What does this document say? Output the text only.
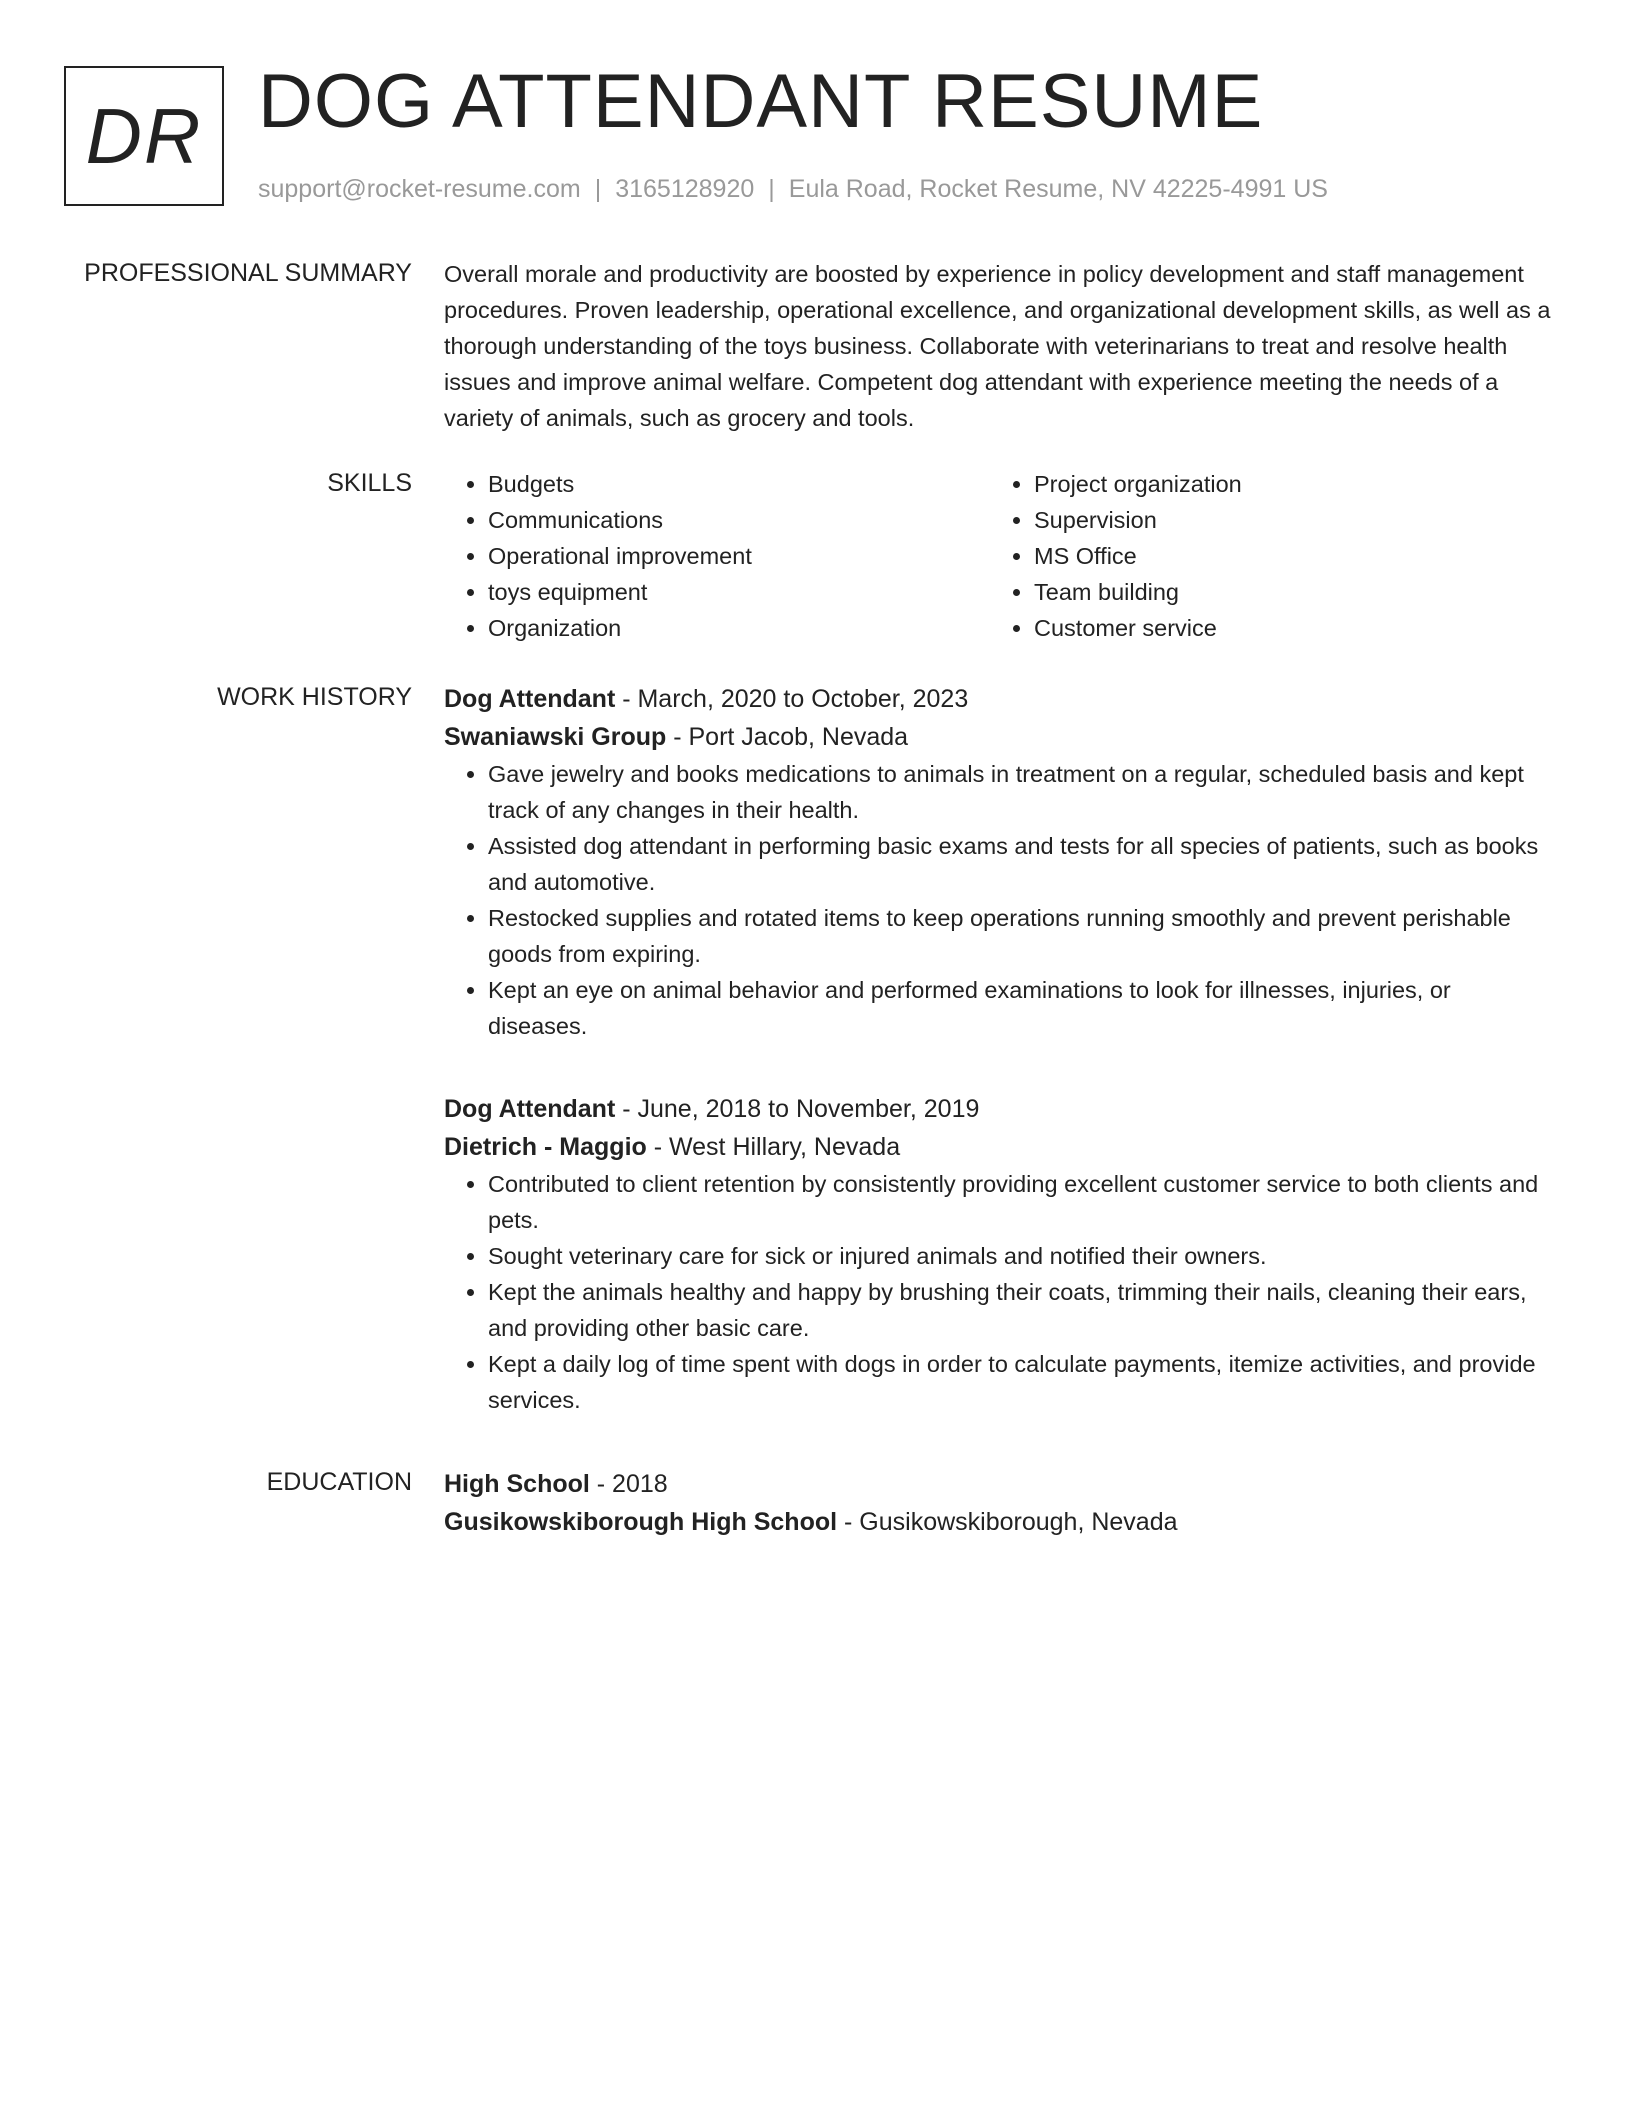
DR DOG ATTENDANT RESUME
support@rocket-resume.com | 3165128920 | Eula Road, Rocket Resume, NV 42225-4991 US
PROFESSIONAL SUMMARY Overall morale and productivity are boosted by experience in policy development and staff management procedures. Proven leadership, operational excellence, and organizational development skills, as well as a thorough understanding of the toys business. Collaborate with veterinarians to treat and resolve health issues and improve animal welfare. Competent dog attendant with experience meeting the needs of a variety of animals, such as grocery and tools.

SKILLS
•	Budgets
• Communications
• Operational improvement
• toys equipment
• Organization
• Project organization
• Supervision
• MS Office
• Team building
• Customer service
WORK HISTORY Dog Attendant - March, 2020 to October, 2023
Swaniawski Group - Port Jacob, Nevada
• Gave jewelry and books medications to animals in treatment on a regular, scheduled basis and kept track of any changes in their health.
• Assisted dog attendant in performing basic exams and tests for all species of patients, such as books and automotive.
• Restocked supplies and rotated items to keep operations running smoothly and prevent perishable goods from expiring.
• Kept an eye on animal behavior and performed examinations to look for illnesses, injuries, or diseases.
Dog Attendant - June, 2018 to November, 2019
Dietrich - Maggio - West Hillary, Nevada
• Contributed to client retention by consistently providing excellent customer service to both clients and pets.
• Sought veterinary care for sick or injured animals and notified their owners.
• Kept the animals healthy and happy by brushing their coats, trimming their nails, cleaning their ears, and providing other basic care.
• Kept a daily log of time spent with dogs in order to calculate payments, itemize activities, and provide services.
EDUCATION High School - 2018
Gusikowskiborough High School - Gusikowskiborough, Nevada
